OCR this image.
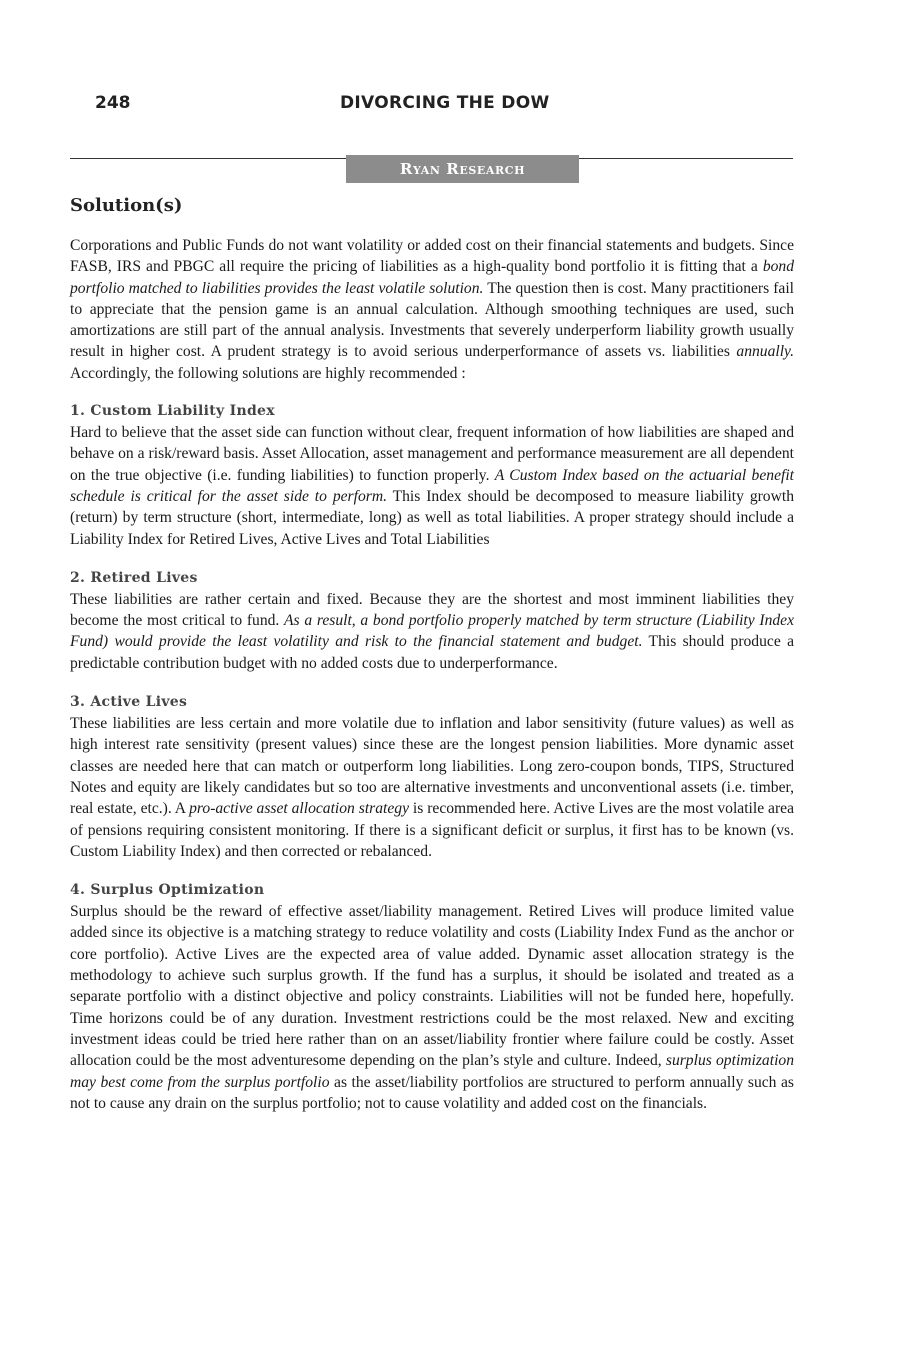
248	DIVORCING THE DOW
Ryan Research
Solution(s)

Corporations and Public Funds do not want volatility or added cost on their financial statements and budgets. Since FASB, IRS and PBGC all require the pricing of liabilities as a high-quality bond portfolio it is fitting that a bond portfolio matched to liabilities provides the least volatile solution. The question then is cost. Many practitioners fail to appreciate that the pension game is an annual calculation. Although smoothing techniques are used, such amortizations are still part of the annual analysis. Investments that severely underperform liability growth usually result in higher cost. A prudent strategy is to avoid serious underperformance of assets vs. liabilities annually. Accordingly, the following solutions are highly recommended :

1. Custom Liability Index

Hard to believe that the asset side can function without clear, frequent information of how liabilities are shaped and behave on a risk/reward basis. Asset Allocation, asset management and performance measurement are all dependent on the true objective (i.e. funding liabilities) to function properly. A Custom Index based on the actuarial benefit schedule is critical for the asset side to perform. This Index should be decomposed to measure liability growth (return) by term structure (short, intermediate, long) as well as total liabilities. A proper strategy should include a Liability Index for Retired Lives, Active Lives and Total Liabilities

2. Retired Lives

These liabilities are rather certain and fixed. Because they are the shortest and most imminent liabilities they become the most critical to fund. As a result, a bond portfolio properly matched by term structure (Liability Index Fund) would provide the least volatility and risk to the financial statement and budget. This should produce a predictable contribution budget with no added costs due to underperformance.

3. Active Lives

These liabilities are less certain and more volatile due to inflation and labor sensitivity (future values) as well as high interest rate sensitivity (present values) since these are the longest pension liabilities. More dynamic asset classes are needed here that can match or outperform long liabilities. Long zero-coupon bonds, TIPS, Structured Notes and equity are likely candidates but so too are alternative investments and unconventional assets (i.e. timber, real estate, etc.). A pro-active asset allocation strategy is recommended here. Active Lives are the most volatile area of pensions requiring consistent monitoring. If there is a significant deficit or surplus, it first has to be known (vs. Custom Liability Index) and then corrected or rebalanced.

4. Surplus Optimization

Surplus should be the reward of effective asset/liability management. Retired Lives will produce limited value added since its objective is a matching strategy to reduce volatility and costs (Liability Index Fund as the anchor or core portfolio). Active Lives are the expected area of value added. Dynamic asset allocation strategy is the methodology to achieve such surplus growth. If the fund has a surplus, it should be isolated and treated as a separate portfolio with a distinct objective and policy constraints. Liabilities will not be funded here, hopefully. Time horizons could be of any duration. Investment restrictions could be the most relaxed. New and exciting investment ideas could be tried here rather than on an asset/liability frontier where failure could be costly. Asset allocation could be the most adventuresome depending on the plan’s style and culture. Indeed, surplus optimization may best come from the surplus portfolio as the asset/liability portfolios are structured to perform annually such as not to cause any drain on the surplus portfolio; not to cause volatility and added cost on the financials.
